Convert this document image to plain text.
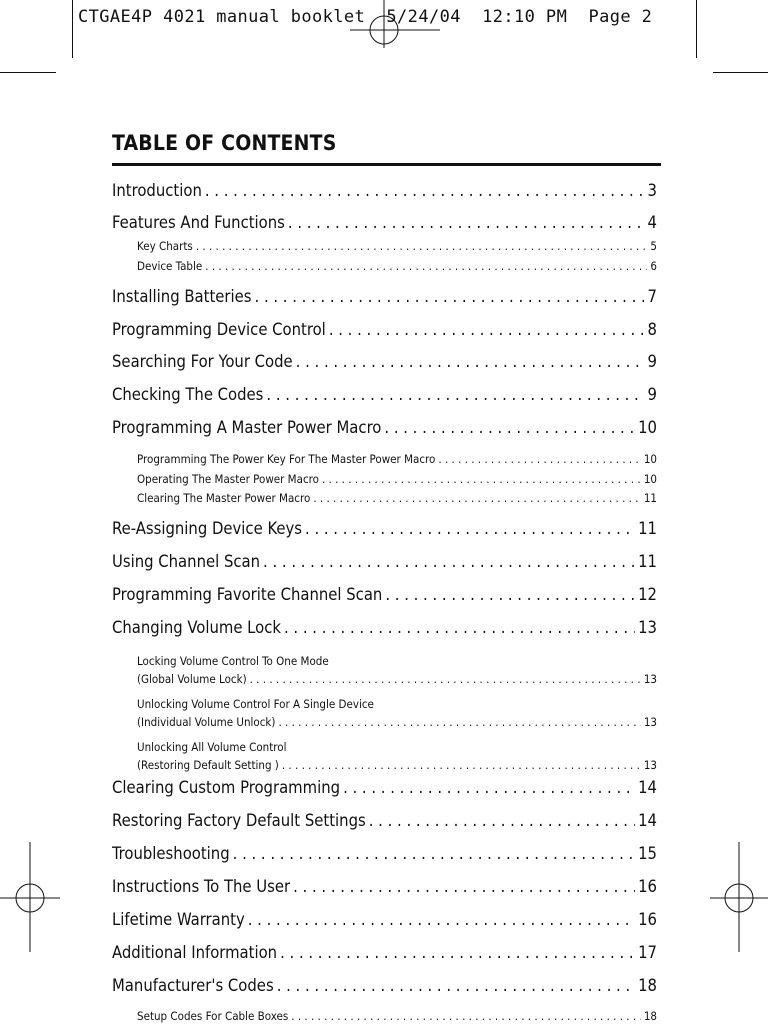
CTGAE4P 4021 manual booklet  5/24/04  12:10 PM  Page 2
TABLE OF CONTENTS
Introduction . . .	3
Features And Functions . . .	4
Key Charts . . .	5
Device Table . . .	6
Installing Batteries . . .	7
Programming Device Control . . .	8
Searching For Your Code . . .	9
Checking The Codes . . .	9
Programming A Master Power Macro . . .	10
Programming The Power Key For The Master Power Macro . . .	10
Operating The Master Power Macro . . .	10
Clearing The Master Power Macro . . .	11
Re-Assigning Device Keys . . .	11
Using Channel Scan . . .	11
Programming Favorite Channel Scan . . .	12
Changing Volume Lock . . .	13
Locking Volume Control To One Mode
(Global Volume Lock) . . .	13
Unlocking Volume Control For A Single Device
(Individual Volume Unlock) . . .	13
Unlocking All Volume Control
(Restoring Default Setting ) . . .	13
Clearing Custom Programming . . .	14
Restoring Factory Default Settings . . .	14
Troubleshooting . . .	15
Instructions To The User . . .	16
Lifetime Warranty . . .	16
Additional Information . . .	17
Manufacturer's Codes . . .	18
Setup Codes For Cable Boxes . . .	18
